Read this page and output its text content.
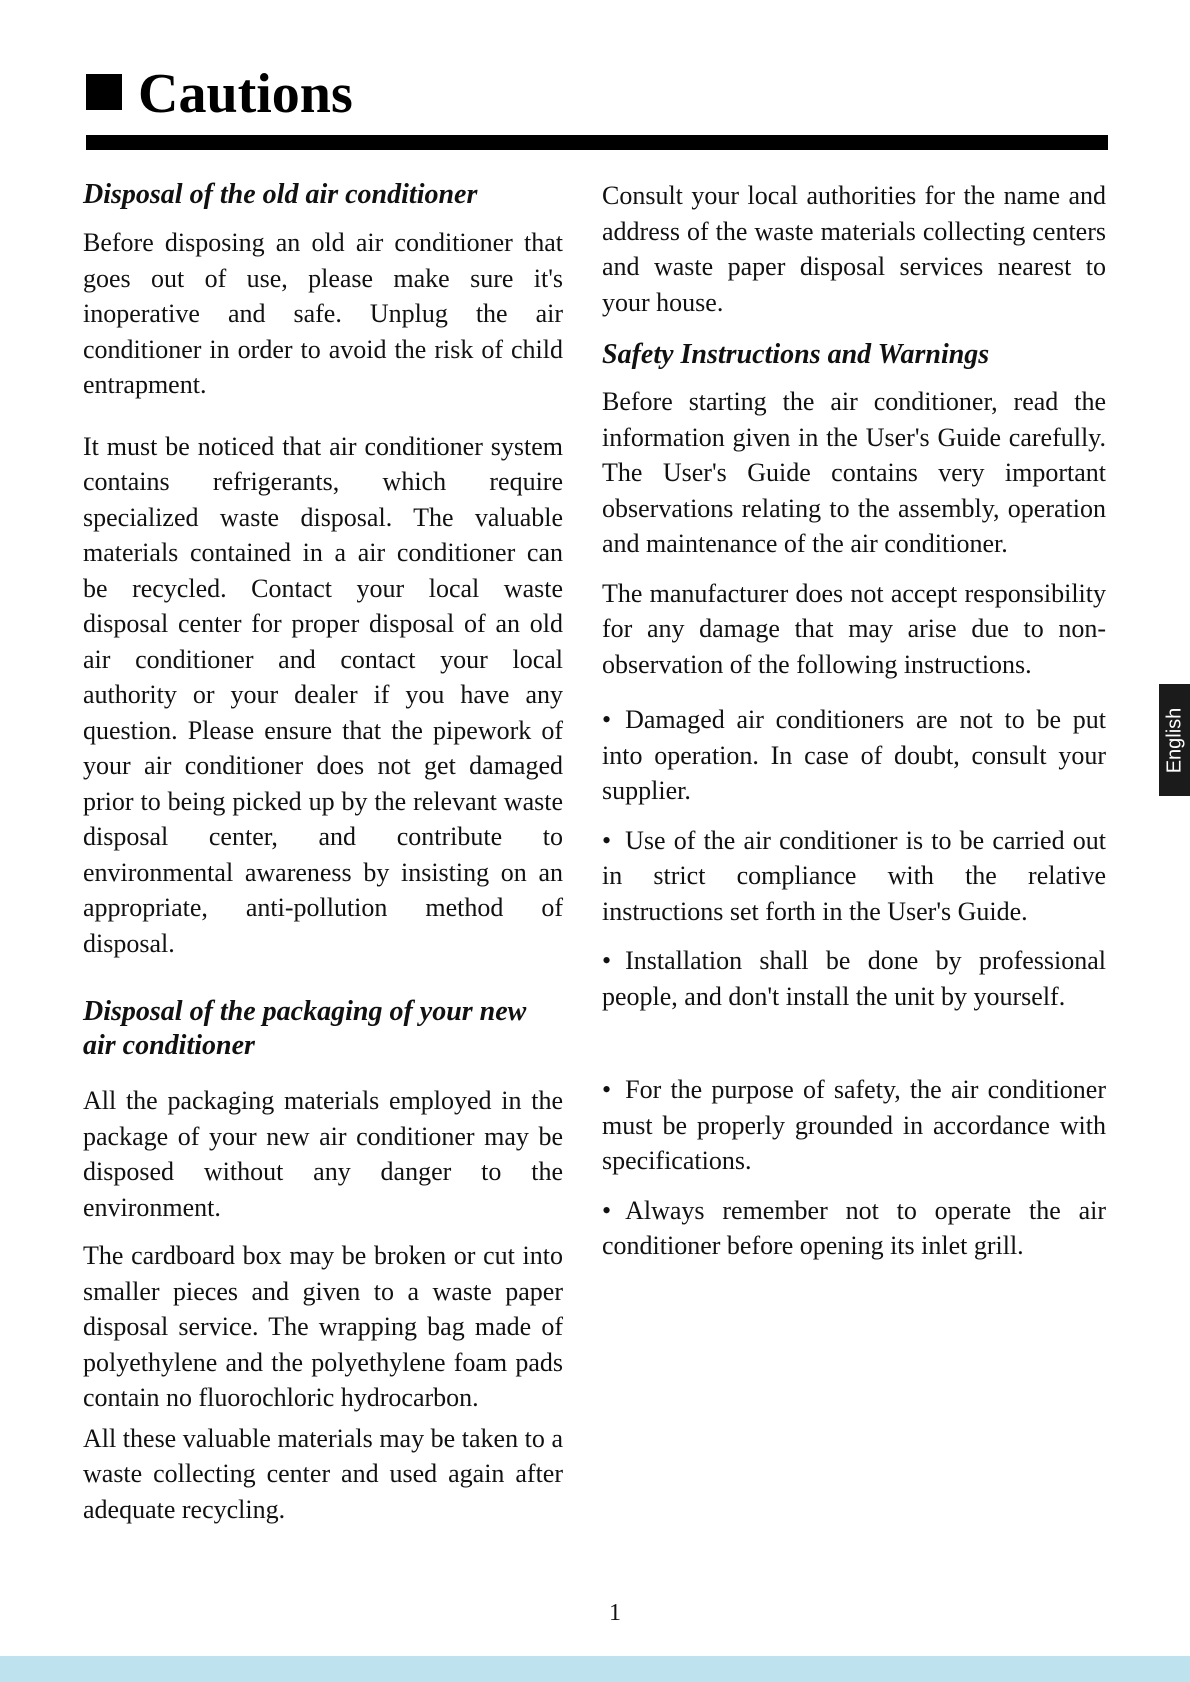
Cautions
Disposal of the old air conditioner

Before disposing an old air conditioner that goes out of use, please make sure it's inoperative and safe. Unplug the air conditioner in order to avoid the risk of child entrapment.

It must be noticed that air conditioner system contains refrigerants, which require specialized waste disposal. The valuable materials contained in a air conditioner can be recycled. Contact your local waste disposal center for proper disposal of an old air conditioner and contact your local authority or your dealer if you have any question. Please ensure that the pipework of your air conditioner does not get damaged prior to being picked up by the relevant waste disposal center, and contribute to environmental awareness by insisting on an appropriate, anti-pollution method of disposal.

Disposal of the packaging of your new air conditioner

All the packaging materials employed in the package of your new air conditioner may be disposed without any danger to the environment.

The cardboard box may be broken or cut into smaller pieces and given to a waste paper disposal service. The wrapping bag made of polyethylene and the polyethylene foam pads contain no fluorochloric hydrocarbon.

All these valuable materials may be taken to a waste collecting center and used again after adequate recycling.

Consult your local authorities for the name and address of the waste materials collecting centers and waste paper disposal services nearest to your house.

Safety Instructions and Warnings

Before starting the air conditioner, read the information given in the User's Guide carefully. The User's Guide contains very important observations relating to the assembly, operation and maintenance of the air conditioner.

The manufacturer does not accept responsibility for any damage that may arise due to non-observation of the following instructions.

• Damaged air conditioners are not to be put into operation. In case of doubt, consult your supplier.

• Use of the air conditioner is to be carried out in strict compliance with the relative instructions set forth in the User's Guide.

• Installation shall be done by professional people, and don't install the unit by yourself.

• For the purpose of safety, the air conditioner must be properly grounded in accordance with specifications.

• Always remember not to operate the air conditioner before opening its inlet grill.

English
1
